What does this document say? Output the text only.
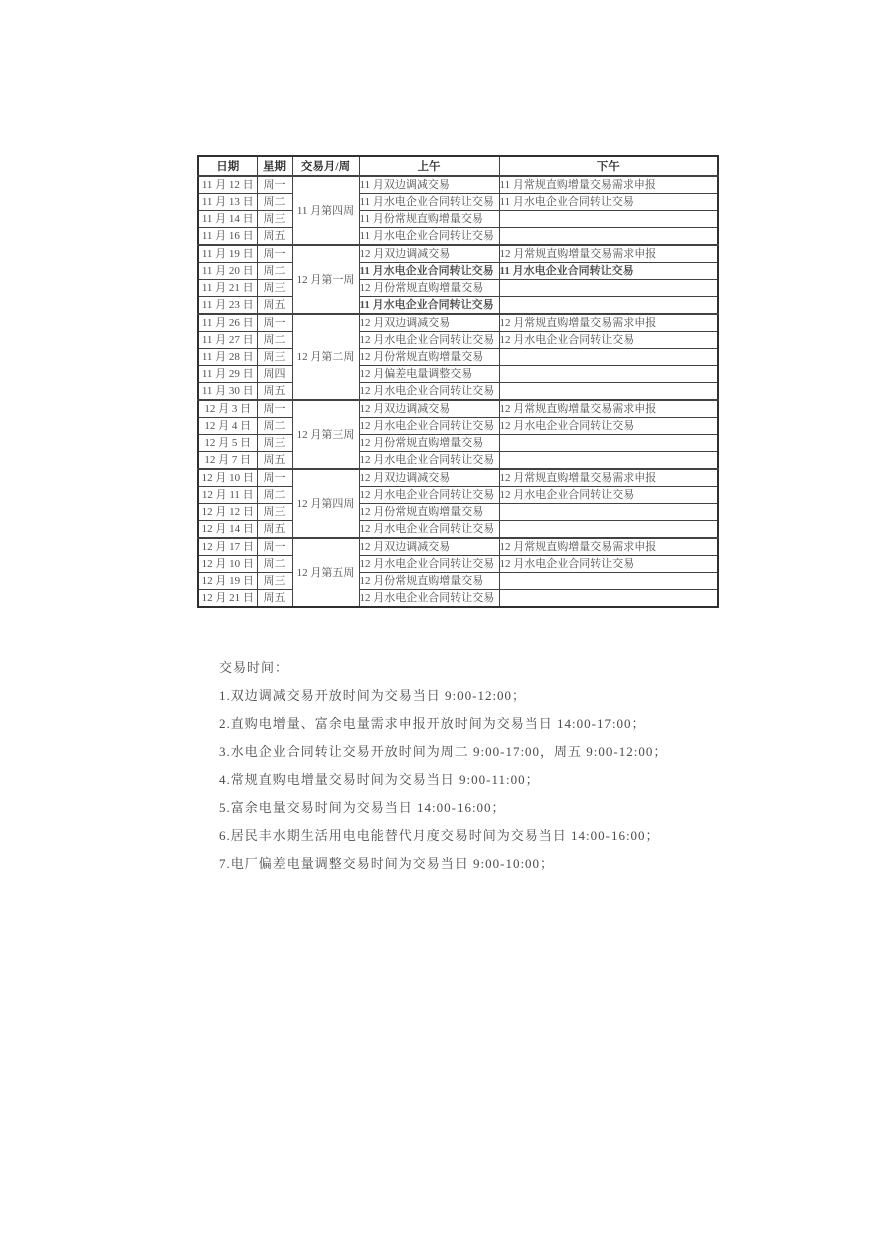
日期	星期	交易月/周	上午	下午
11 月 12 日	周一	11 月第四周	11 月双边调减交易	11 月常规直购增量交易需求申报
11 月 13 日	周二		11 月水电企业合同转让交易	11 月水电企业合同转让交易
11 月 14 日	周三		11 月份常规直购增量交易	
11 月 16 日	周五		11 月水电企业合同转让交易	
11 月 19 日	周一	12 月第一周	12 月双边调减交易	12 月常规直购增量交易需求申报
11 月 20 日	周二		11 月水电企业合同转让交易	11 月水电企业合同转让交易
11 月 21 日	周三		12 月份常规直购增量交易	
11 月 23 日	周五		11 月水电企业合同转让交易	
11 月 26 日	周一	12 月第二周	12 月双边调减交易	12 月常规直购增量交易需求申报
11 月 27 日	周二		12 月水电企业合同转让交易	12 月水电企业合同转让交易
11 月 28 日	周三		12 月份常规直购增量交易	
11 月 29 日	周四		12 月偏差电量调整交易	
11 月 30 日	周五		12 月水电企业合同转让交易	
12 月 3 日	周一	12 月第三周	12 月双边调减交易	12 月常规直购增量交易需求申报
12 月 4 日	周二		12 月水电企业合同转让交易	12 月水电企业合同转让交易
12 月 5 日	周三		12 月份常规直购增量交易	
12 月 7 日	周五		12 月水电企业合同转让交易	
12 月 10 日	周一	12 月第四周	12 月双边调减交易	12 月常规直购增量交易需求申报
12 月 11 日	周二		12 月水电企业合同转让交易	12 月水电企业合同转让交易
12 月 12 日	周三		12 月份常规直购增量交易	
12 月 14 日	周五		12 月水电企业合同转让交易	
12 月 17 日	周一	12 月第五周	12 月双边调减交易	12 月常规直购增量交易需求申报
12 月 10 日	周二		12 月水电企业合同转让交易	12 月水电企业合同转让交易
12 月 19 日	周三		12 月份常规直购增量交易	
12 月 21 日	周五		12 月水电企业合同转让交易	

交易时间：

1.双边调减交易开放时间为交易当日 9:00-12:00；

2.直购电增量、富余电量需求申报开放时间为交易当日 14:00-17:00；

3.水电企业合同转让交易开放时间为周二 9:00-17:00，周五 9:00-12:00；

4.常规直购电增量交易时间为交易当日 9:00-11:00；

5.富余电量交易时间为交易当日 14:00-16:00；

6.居民丰水期生活用电电能替代月度交易时间为交易当日 14:00-16:00；

7.电厂偏差电量调整交易时间为交易当日 9:00-10:00；
